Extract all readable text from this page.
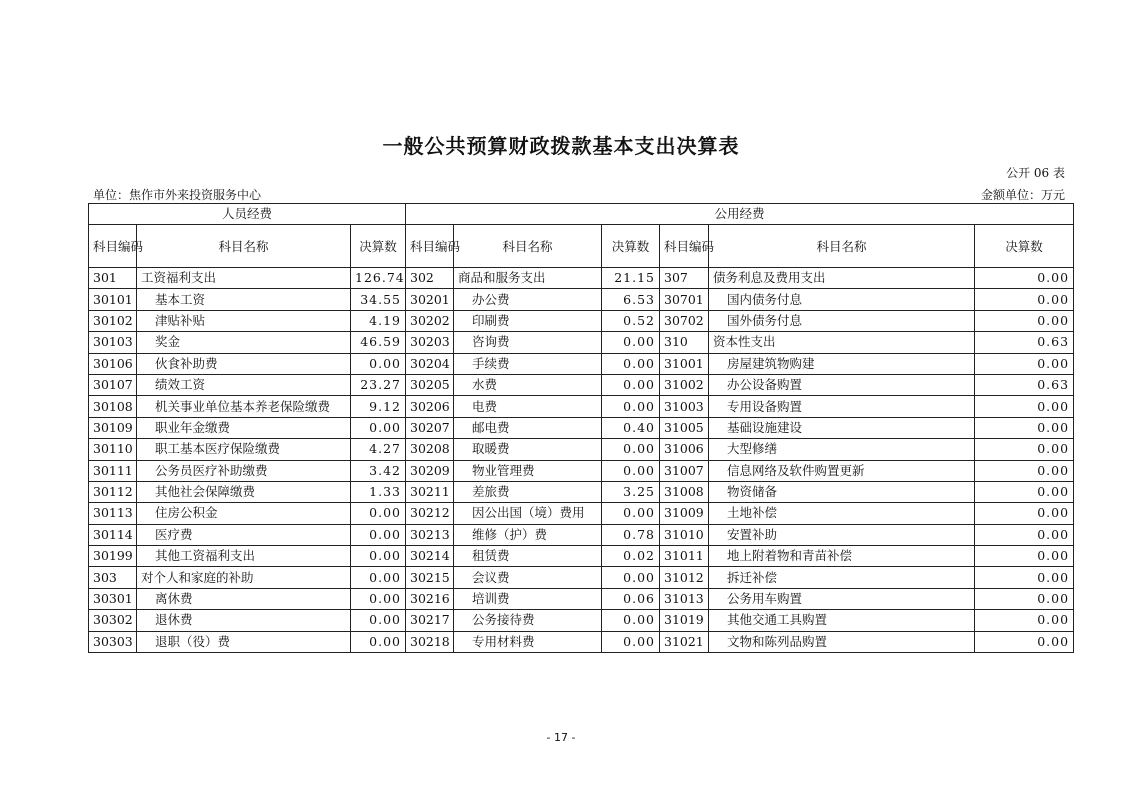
一般公共预算财政拨款基本支出决算表
公开 06 表
单位：焦作市外来投资服务中心	金额单位：万元
人员经费			公用经费					
科目编码	科目名称	决算数	科目编码	科目名称	决算数	科目编码	科目名称	决算数
301	工资福利支出	126.74	302	商品和服务支出	21.15	307	债务利息及费用支出	0.00
30101	基本工资	34.55	30201	办公费	6.53	30701	国内债务付息	0.00
30102	津贴补贴	4.19	30202	印刷费	0.52	30702	国外债务付息	0.00
30103	奖金	46.59	30203	咨询费	0.00	310	资本性支出	0.63
30106	伙食补助费	0.00	30204	手续费	0.00	31001	房屋建筑物购建	0.00
30107	绩效工资	23.27	30205	水费	0.00	31002	办公设备购置	0.63
30108	机关事业单位基本养老保险缴费	9.12	30206	电费	0.00	31003	专用设备购置	0.00
30109	职业年金缴费	0.00	30207	邮电费	0.40	31005	基础设施建设	0.00
30110	职工基本医疗保险缴费	4.27	30208	取暖费	0.00	31006	大型修缮	0.00
30111	公务员医疗补助缴费	3.42	30209	物业管理费	0.00	31007	信息网络及软件购置更新	0.00
30112	其他社会保障缴费	1.33	30211	差旅费	3.25	31008	物资储备	0.00
30113	住房公积金	0.00	30212	因公出国（境）费用	0.00	31009	土地补偿	0.00
30114	医疗费	0.00	30213	维修（护）费	0.78	31010	安置补助	0.00
30199	其他工资福利支出	0.00	30214	租赁费	0.02	31011	地上附着物和青苗补偿	0.00
303	对个人和家庭的补助	0.00	30215	会议费	0.00	31012	拆迁补偿	0.00
30301	离休费	0.00	30216	培训费	0.06	31013	公务用车购置	0.00
30302	退休费	0.00	30217	公务接待费	0.00	31019	其他交通工具购置	0.00
30303	退职（役）费	0.00	30218	专用材料费	0.00	31021	文物和陈列品购置	0.00
- 17 -
